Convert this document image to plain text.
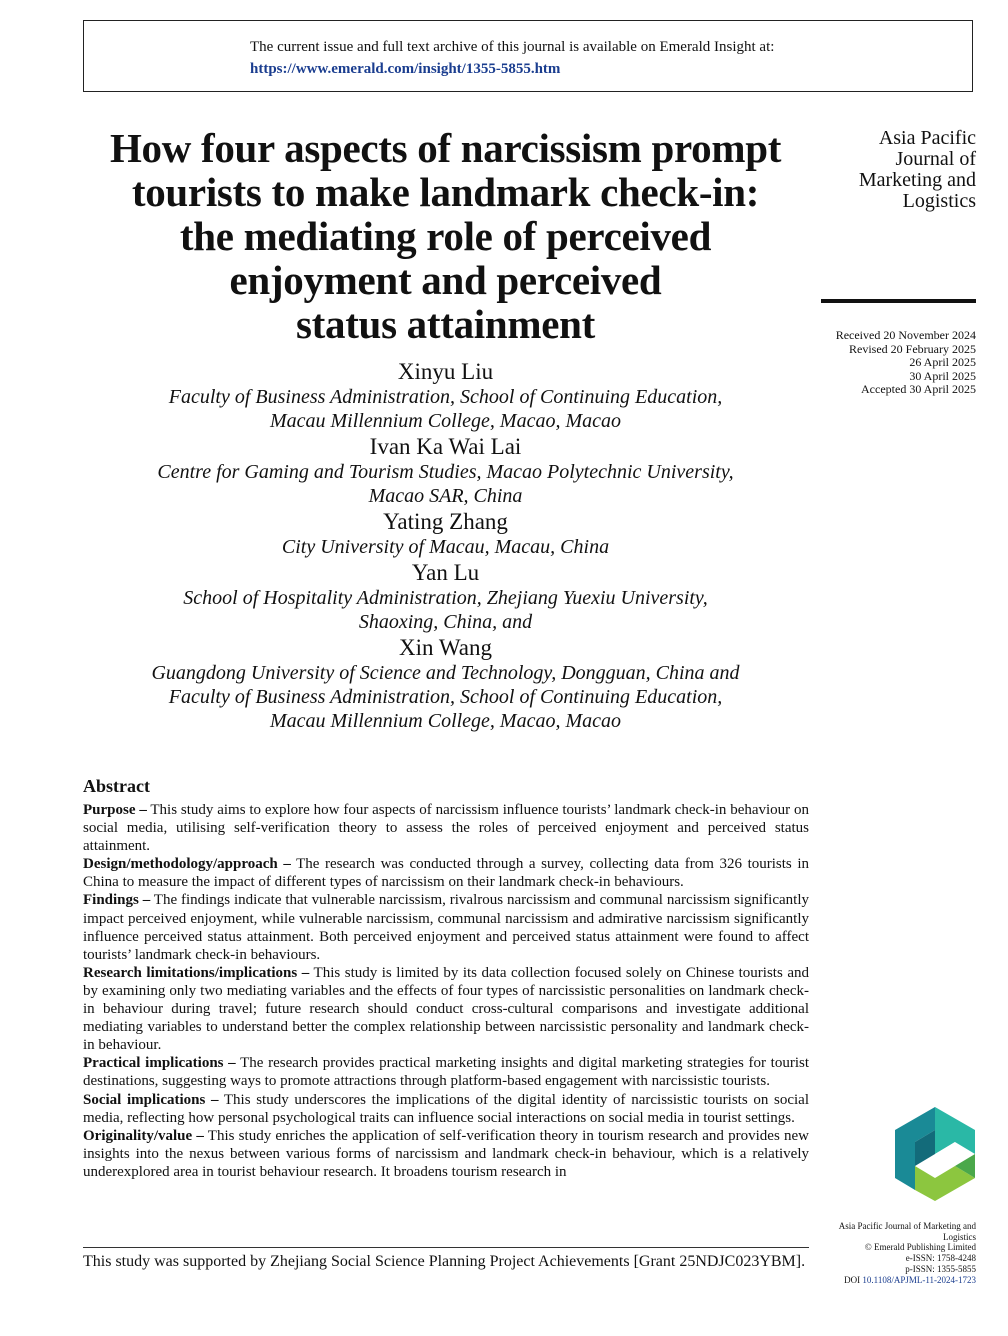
The current issue and full text archive of this journal is available on Emerald Insight at:
https://www.emerald.com/insight/1355-5855.htm
How four aspects of narcissism prompt
tourists to make landmark check-in:
the mediating role of perceived
enjoyment and perceived
status attainment
Asia Pacific
Journal of
Marketing and
Logistics
Received 20 November 2024
Revised 20 February 2025
26 April 2025
30 April 2025
Accepted 30 April 2025
Xinyu Liu
Faculty of Business Administration, School of Continuing Education,
Macau Millennium College, Macao, Macao
Ivan Ka Wai Lai
Centre for Gaming and Tourism Studies, Macao Polytechnic University,
Macao SAR, China
Yating Zhang
City University of Macau, Macau, China
Yan Lu
School of Hospitality Administration, Zhejiang Yuexiu University,
Shaoxing, China, and
Xin Wang
Guangdong University of Science and Technology, Dongguan, China and
Faculty of Business Administration, School of Continuing Education,
Macau Millennium College, Macao, Macao
Abstract

Purpose – This study aims to explore how four aspects of narcissism influence tourists’ landmark check-in behaviour on social media, utilising self-verification theory to assess the roles of perceived enjoyment and perceived status attainment.

Design/methodology/approach – The research was conducted through a survey, collecting data from 326 tourists in China to measure the impact of different types of narcissism on their landmark check-in behaviours.

Findings – The findings indicate that vulnerable narcissism, rivalrous narcissism and communal narcissism significantly impact perceived enjoyment, while vulnerable narcissism, communal narcissism and admirative narcissism significantly influence perceived status attainment. Both perceived enjoyment and perceived status attainment were found to affect tourists’ landmark check-in behaviours.

Research limitations/implications – This study is limited by its data collection focused solely on Chinese tourists and by examining only two mediating variables and the effects of four types of narcissistic personalities on landmark check-in behaviour during travel; future research should conduct cross-cultural comparisons and investigate additional mediating variables to understand better the complex relationship between narcissistic personality and landmark check-in behaviour.

Practical implications – The research provides practical marketing insights and digital marketing strategies for tourist destinations, suggesting ways to promote attractions through platform-based engagement with narcissistic tourists.

Social implications – This study underscores the implications of the digital identity of narcissistic tourists on social media, reflecting how personal psychological traits can influence social interactions on social media in tourist settings.

Originality/value – This study enriches the application of self-verification theory in tourism research and provides new insights into the nexus between various forms of narcissism and landmark check-in behaviour, which is a relatively underexplored area in tourist behaviour research. It broadens tourism research in

This study was supported by Zhejiang Social Science Planning Project Achievements [Grant 25NDJC023YBM].
Asia Pacific Journal of Marketing and
Logistics
© Emerald Publishing Limited
e-ISSN: 1758-4248
p-ISSN: 1355-5855
DOI 10.1108/APJML-11-2024-1723
